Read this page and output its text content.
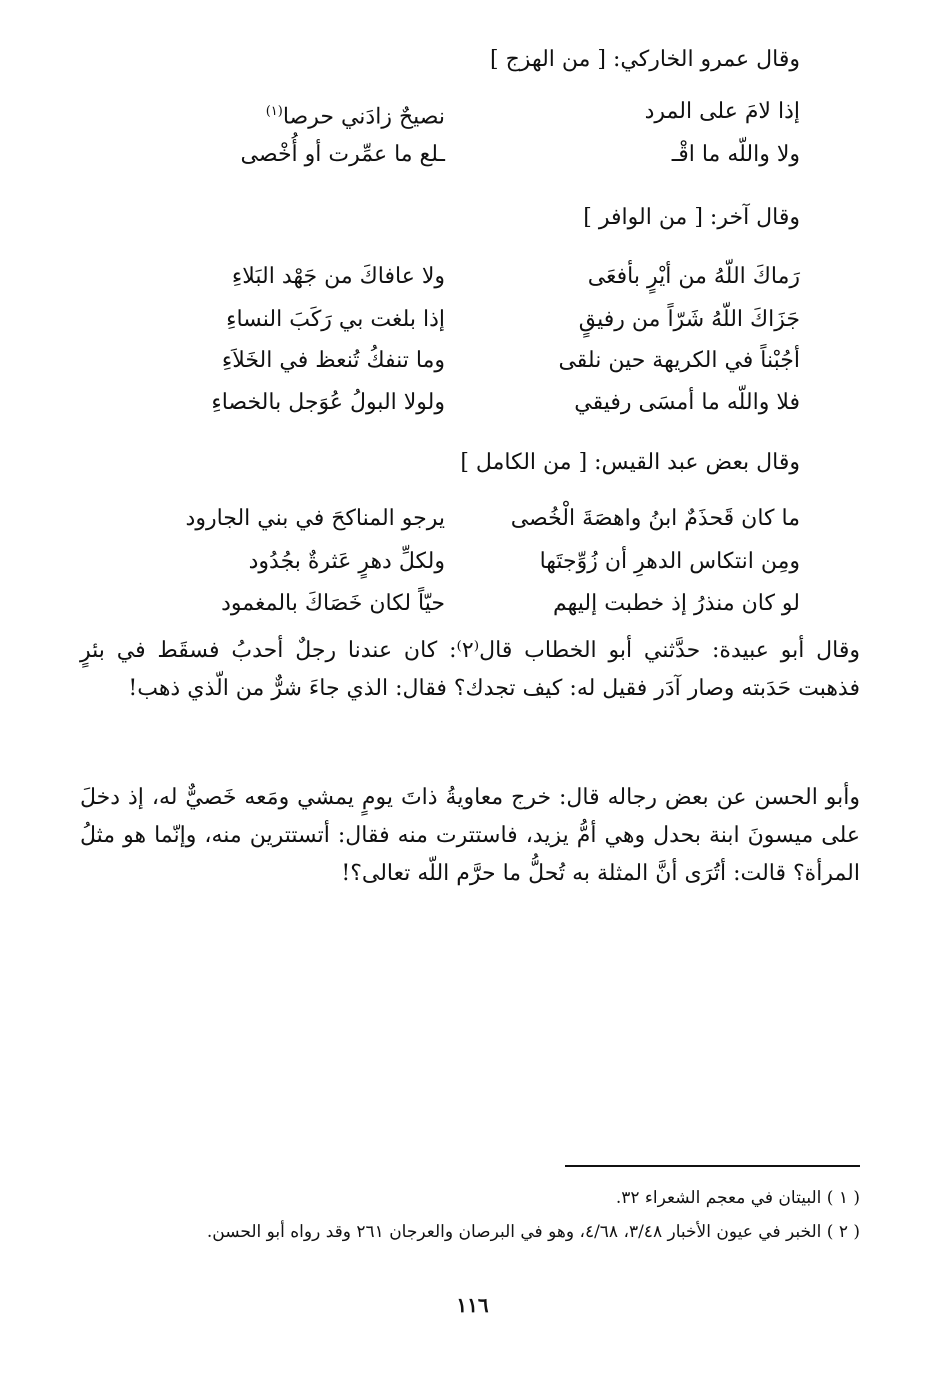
وقال عمرو الخاركي: [ من الهزج ]
إذا لامَ على المرد
نصيحٌ زادَني حرصا$^{(١)}$
ولا واللّه ما اقْـ
ـلع ما عمِّرت أو أُخْصى
وقال آخر: [ من الوافر ]
رَماكَ اللّهُ من أيْرٍ بأفعَى
ولا عافاكَ من جَهْد البَلاءِ
جَزَاكَ اللّهُ شَرّاً من رفيقٍ
إذا بلغت بي رَكَبَ النساءِ
أجُبْناً في الكريهة حين نلقى
وما تنفكُ تُنعظ في الخَلاَءِ
فلا واللّه ما أمسَى رفيقي
ولولا البولُ عُوَجل بالخصاءِ
وقال بعض عبد القيس: [ من الكامل ]
ما كان قَحذَمٌ ابنُ واهصَةَ الْخُصى
يرجو المناكحَ في بني الجارود
ومِن انتكاس الدهرِ أن زُوِّجتَها
ولكلِّ دهرٍ عَثرةٌ بجُدُود
لو كان منذرُ إذ خطبت إليهم
حيّاً لكان خَصَاكَ بالمغمود

وقال أبو عبيدة: حدَّثني أبو الخطاب قال⁽٢⁾: كان عندنا رجلٌ أحدبُ فسقَط في بئرٍ فذهبت حَدَبته وصار آدَر فقيل له: كيف تجدك؟ فقال: الذي جاءَ شرٌّ من الّذي ذهب!

وأبو الحسن عن بعض رجاله قال: خرج معاويةُ ذاتَ يومٍ يمشي ومَعه خَصيٌّ له، إذ دخلَ على ميسونَ ابنة بحدل وهي أمُّ يزيد، فاستترت منه فقال: أتستترين منه، وإنّما هو مثلُ المرأة؟ قالت: أتُرَى أنَّ المثلة به تُحلُّ ما حرَّم اللّه تعالى؟!

( ١ ) البيتان في معجم الشعراء ٣٢.
( ٢ ) الخبر في عيون الأخبار ٣/٤٨، ٤/٦٨، وهو في البرصان والعرجان ٢٦١ وقد رواه أبو الحسن.
١١٦
